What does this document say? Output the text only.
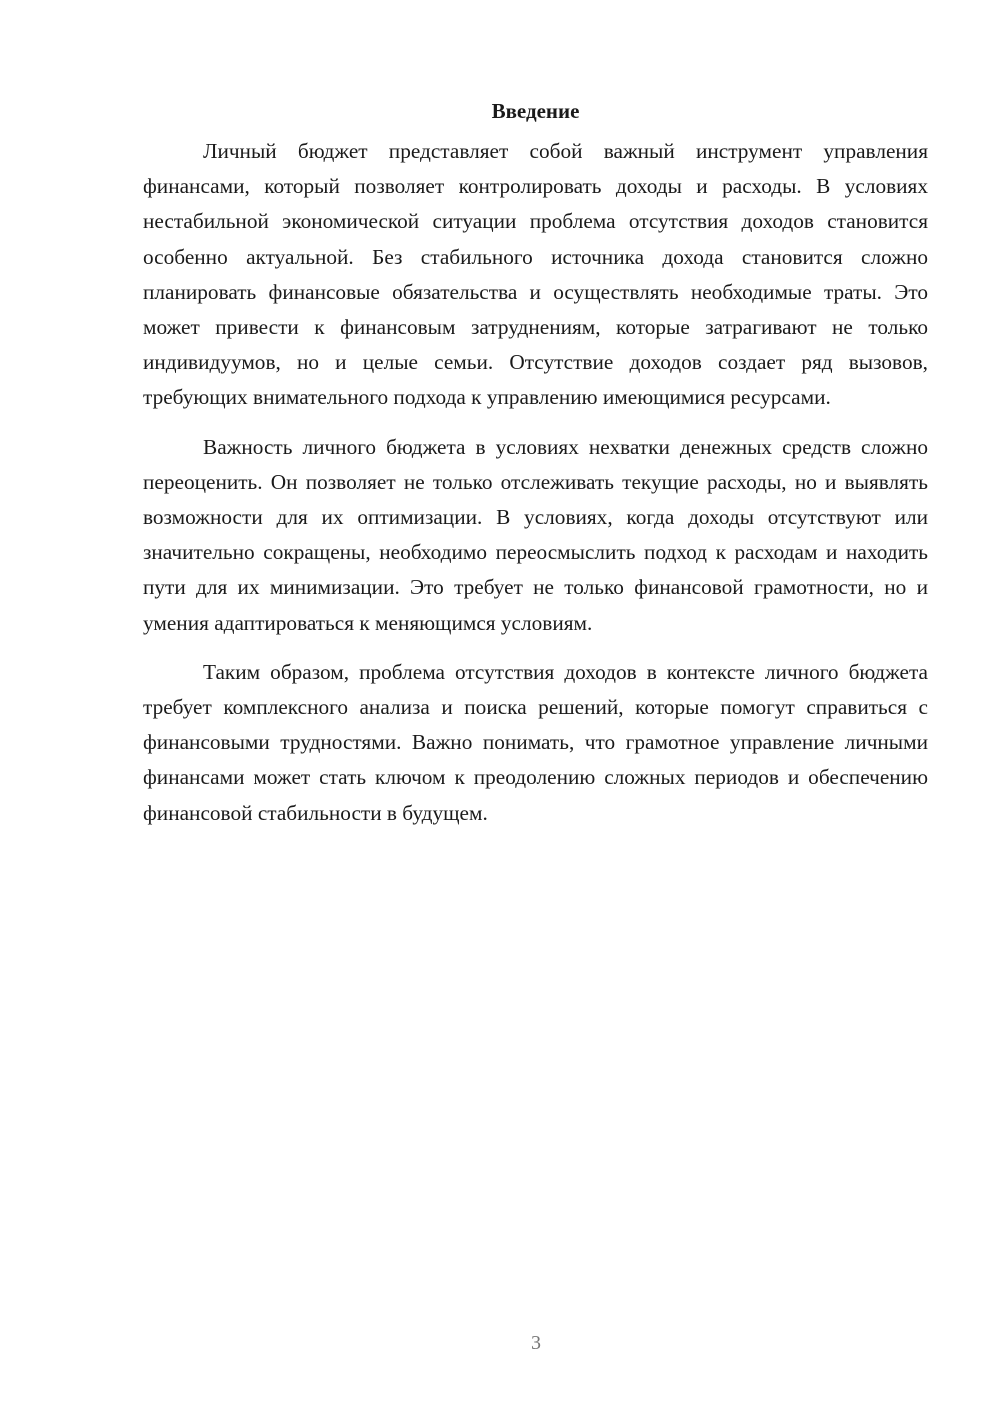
Введение

Личный бюджет представляет собой важный инструмент управления финансами, который позволяет контролировать доходы и расходы. В условиях нестабильной экономической ситуации проблема отсутствия доходов становится особенно актуальной. Без стабильного источника дохода становится сложно планировать финансовые обязательства и осуществлять необходимые траты. Это может привести к финансовым затруднениям, которые затрагивают не только индивидуумов, но и целые семьи. Отсутствие доходов создает ряд вызовов, требующих внимательного подхода к управлению имеющимися ресурсами.

Важность личного бюджета в условиях нехватки денежных средств сложно переоценить. Он позволяет не только отслеживать текущие расходы, но и выявлять возможности для их оптимизации. В условиях, когда доходы отсутствуют или значительно сокращены, необходимо переосмыслить подход к расходам и находить пути для их минимизации. Это требует не только финансовой грамотности, но и умения адаптироваться к меняющимся условиям.

Таким образом, проблема отсутствия доходов в контексте личного бюджета требует комплексного анализа и поиска решений, которые помогут справиться с финансовыми трудностями. Важно понимать, что грамотное управление личными финансами может стать ключом к преодолению сложных периодов и обеспечению финансовой стабильности в будущем.

3
